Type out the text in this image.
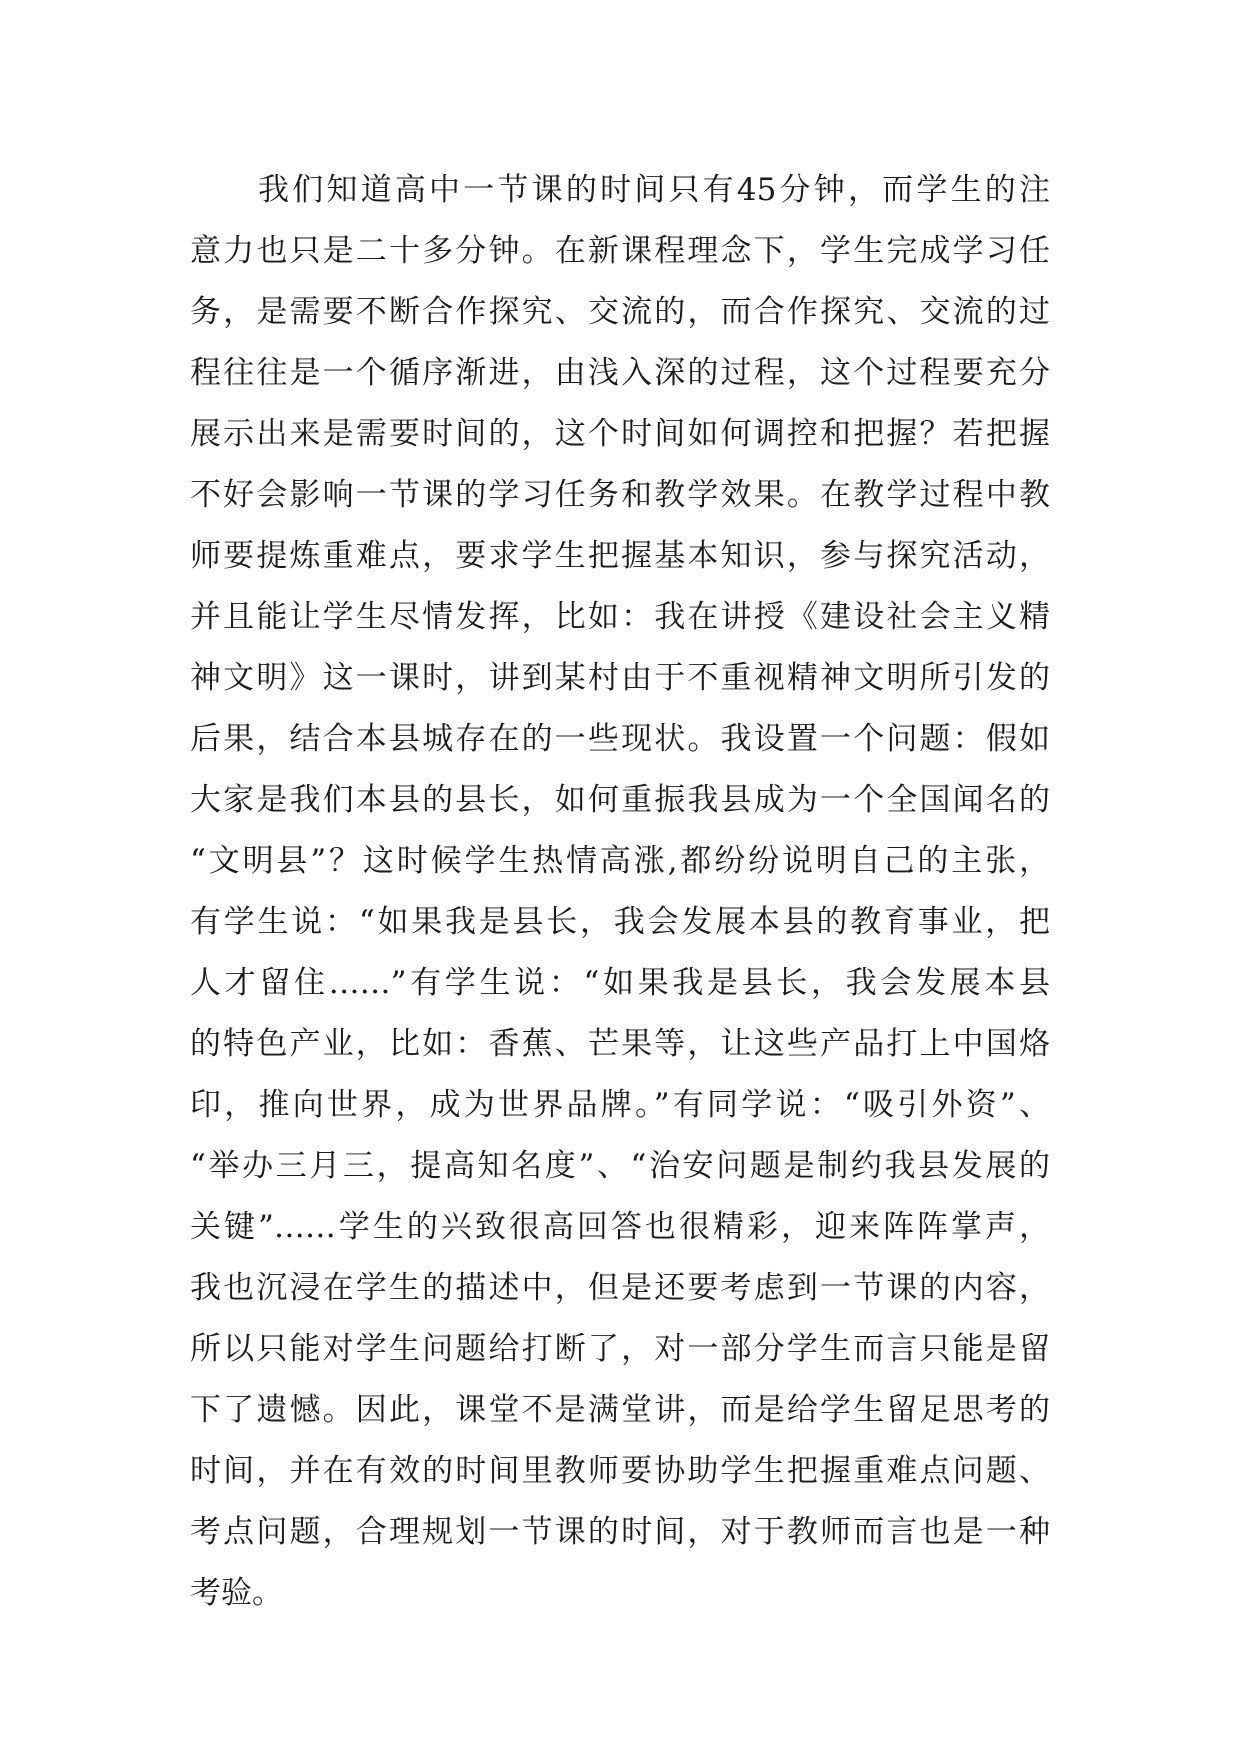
我们知道高中一节课的时间只有45分钟，而学生的注
意力也只是二十多分钟。在新课程理念下，学生完成学习任
务，是需要不断合作探究、交流的，而合作探究、交流的过
程往往是一个循序渐进，由浅入深的过程，这个过程要充分
展示出来是需要时间的，这个时间如何调控和把握？若把握
不好会影响一节课的学习任务和教学效果。在教学过程中教
师要提炼重难点，要求学生把握基本知识，参与探究活动，
并且能让学生尽情发挥，比如：我在讲授《建设社会主义精
神文明》这一课时，讲到某村由于不重视精神文明所引发的
后果，结合本县城存在的一些现状。我设置一个问题：假如
大家是我们本县的县长，如何重振我县成为一个全国闻名的
“文明县”？这时候学生热情高涨,都纷纷说明自己的主张，
有学生说：“如果我是县长，我会发展本县的教育事业，把
人才留住……”有学生说：“如果我是县长，我会发展本县
的特色产业，比如：香蕉、芒果等，让这些产品打上中国烙
印，推向世界，成为世界品牌。”有同学说：“吸引外资”、
“举办三月三，提高知名度”、“治安问题是制约我县发展的
关键”……学生的兴致很高回答也很精彩，迎来阵阵掌声，
我也沉浸在学生的描述中，但是还要考虑到一节课的内容，
所以只能对学生问题给打断了，对一部分学生而言只能是留
下了遗憾。因此，课堂不是满堂讲，而是给学生留足思考的
时间，并在有效的时间里教师要协助学生把握重难点问题、
考点问题，合理规划一节课的时间，对于教师而言也是一种
考验。
